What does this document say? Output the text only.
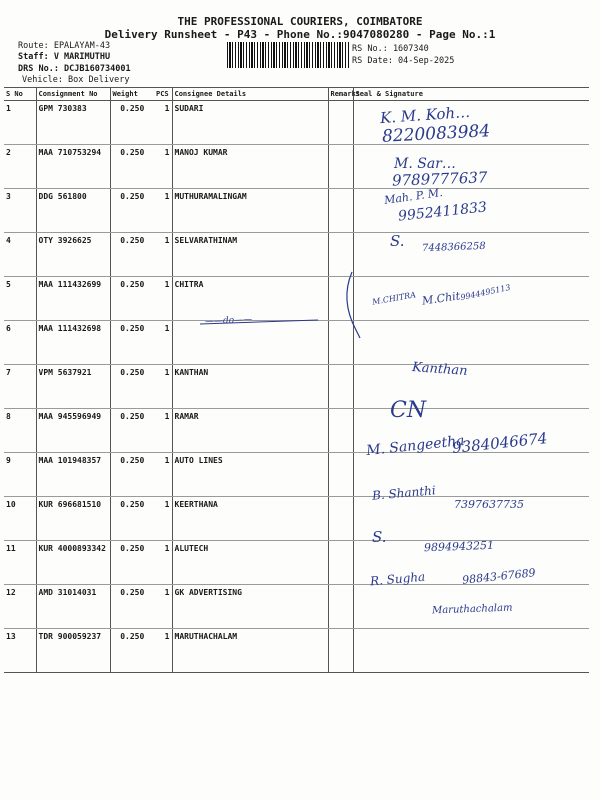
THE PROFESSIONAL COURIERS, COIMBATORE
Delivery Runsheet - P43 - Phone No.:9047080280 - Page No.:1
Route: EPALAYAM-43
Staff: V MARIMUTHU
DRS No.: DCJB160734001
Vehicle: Box Delivery
RS No.: 1607340
RS Date: 04-Sep-2025
S No	Consignment No	Weight	PCS	Consignee Details	Remarks	Seal & Signature
1	GPM 730383	0.250	1	SUDARI		
2	MAA 710753294	0.250	1	MANOJ KUMAR		
3	DDG 561800	0.250	1	MUTHURAMALINGAM		
4	OTY 3926625	0.250	1	SELVARATHINAM		
5	MAA 111432699	0.250	1	CHITRA		
6	MAA 111432698	0.250	1			
7	VPM 5637921	0.250	1	KANTHAN		
8	MAA 945596949	0.250	1	RAMAR		
9	MAA 101948357	0.250	1	AUTO LINES		
10	KUR 696681510	0.250	1	KEERTHANA		
11	KUR 4000893342	0.250	1	ALUTECH		
12	AMD 31014031	0.250	1	GK ADVERTISING		
13	TDR 900059237	0.250	1	MARUTHACHALAM		
K. M. Koh…
8220083984
M. Sar…
9789777637
Mah. P. M.
9952411833
S. 7448366258
M.CHITRA M.Chit
9944495113
——do——
Kanthan
CN
M. Sangeetha
9384046674
B. Shanthi
7397637735
S.
9894943251
R. Sugha	98843-67689
Maruthachalam
